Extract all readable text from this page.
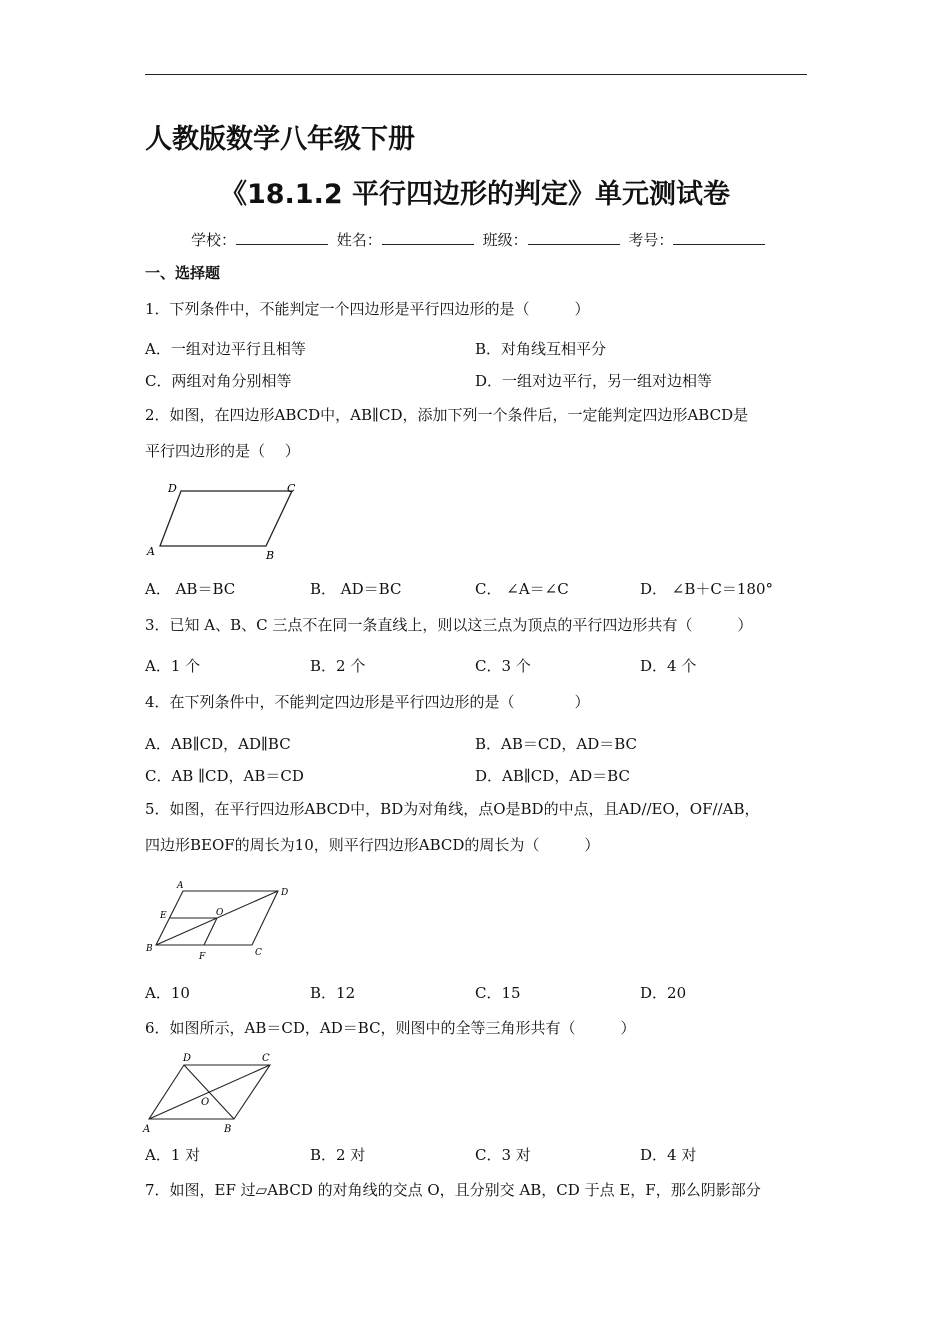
人教版数学八年级下册
《18.1.2 平行四边形的判定》单元测试卷
学校：	姓名：	班级：	考号：
一、选择题
1．下列条件中，不能判定一个四边形是平行四边形的是（　　　）
A．一组对边平行且相等	B．对角线互相平分
C．两组对角分别相等	D．一组对边平行，另一组对边相等
2．如图，在四边形ABCD中，AB∥CD，添加下列一个条件后，一定能判定四边形ABCD是
平行四边形的是（　 ）
D	C
A	B
A． AB＝BC	B． AD＝BC	C． ∠A＝∠C	D． ∠B＋C＝180°
3．已知 A、B、C 三点不在同一条直线上，则以这三点为顶点的平行四边形共有（　　　）
A．1 个	B．2 个	C．3 个	D．4 个
4．在下列条件中，不能判定四边形是平行四边形的是（　　　　）
A．AB∥CD，AD∥BC	B．AB＝CD，AD＝BC
C．AB ∥CD，AB＝CD	D．AB∥CD，AD＝BC
5．如图，在平行四边形ABCD中，BD为对角线，点O是BD的中点，且AD//EO，OF//AB，
四边形BEOF的周长为10，则平行四边形ABCD的周长为（　　　）
A
D
E	O
B
F	C
A．10	B．12	C．15	D．20
6．如图所示，AB＝CD，AD＝BC，则图中的全等三角形共有（　　　）
D	C
O
A	B
A．1 对	B．2 对	C．3 对	D．4 对
7．如图，EF 过▱ABCD 的对角线的交点 O，且分别交 AB，CD 于点 E，F，那么阴影部分
